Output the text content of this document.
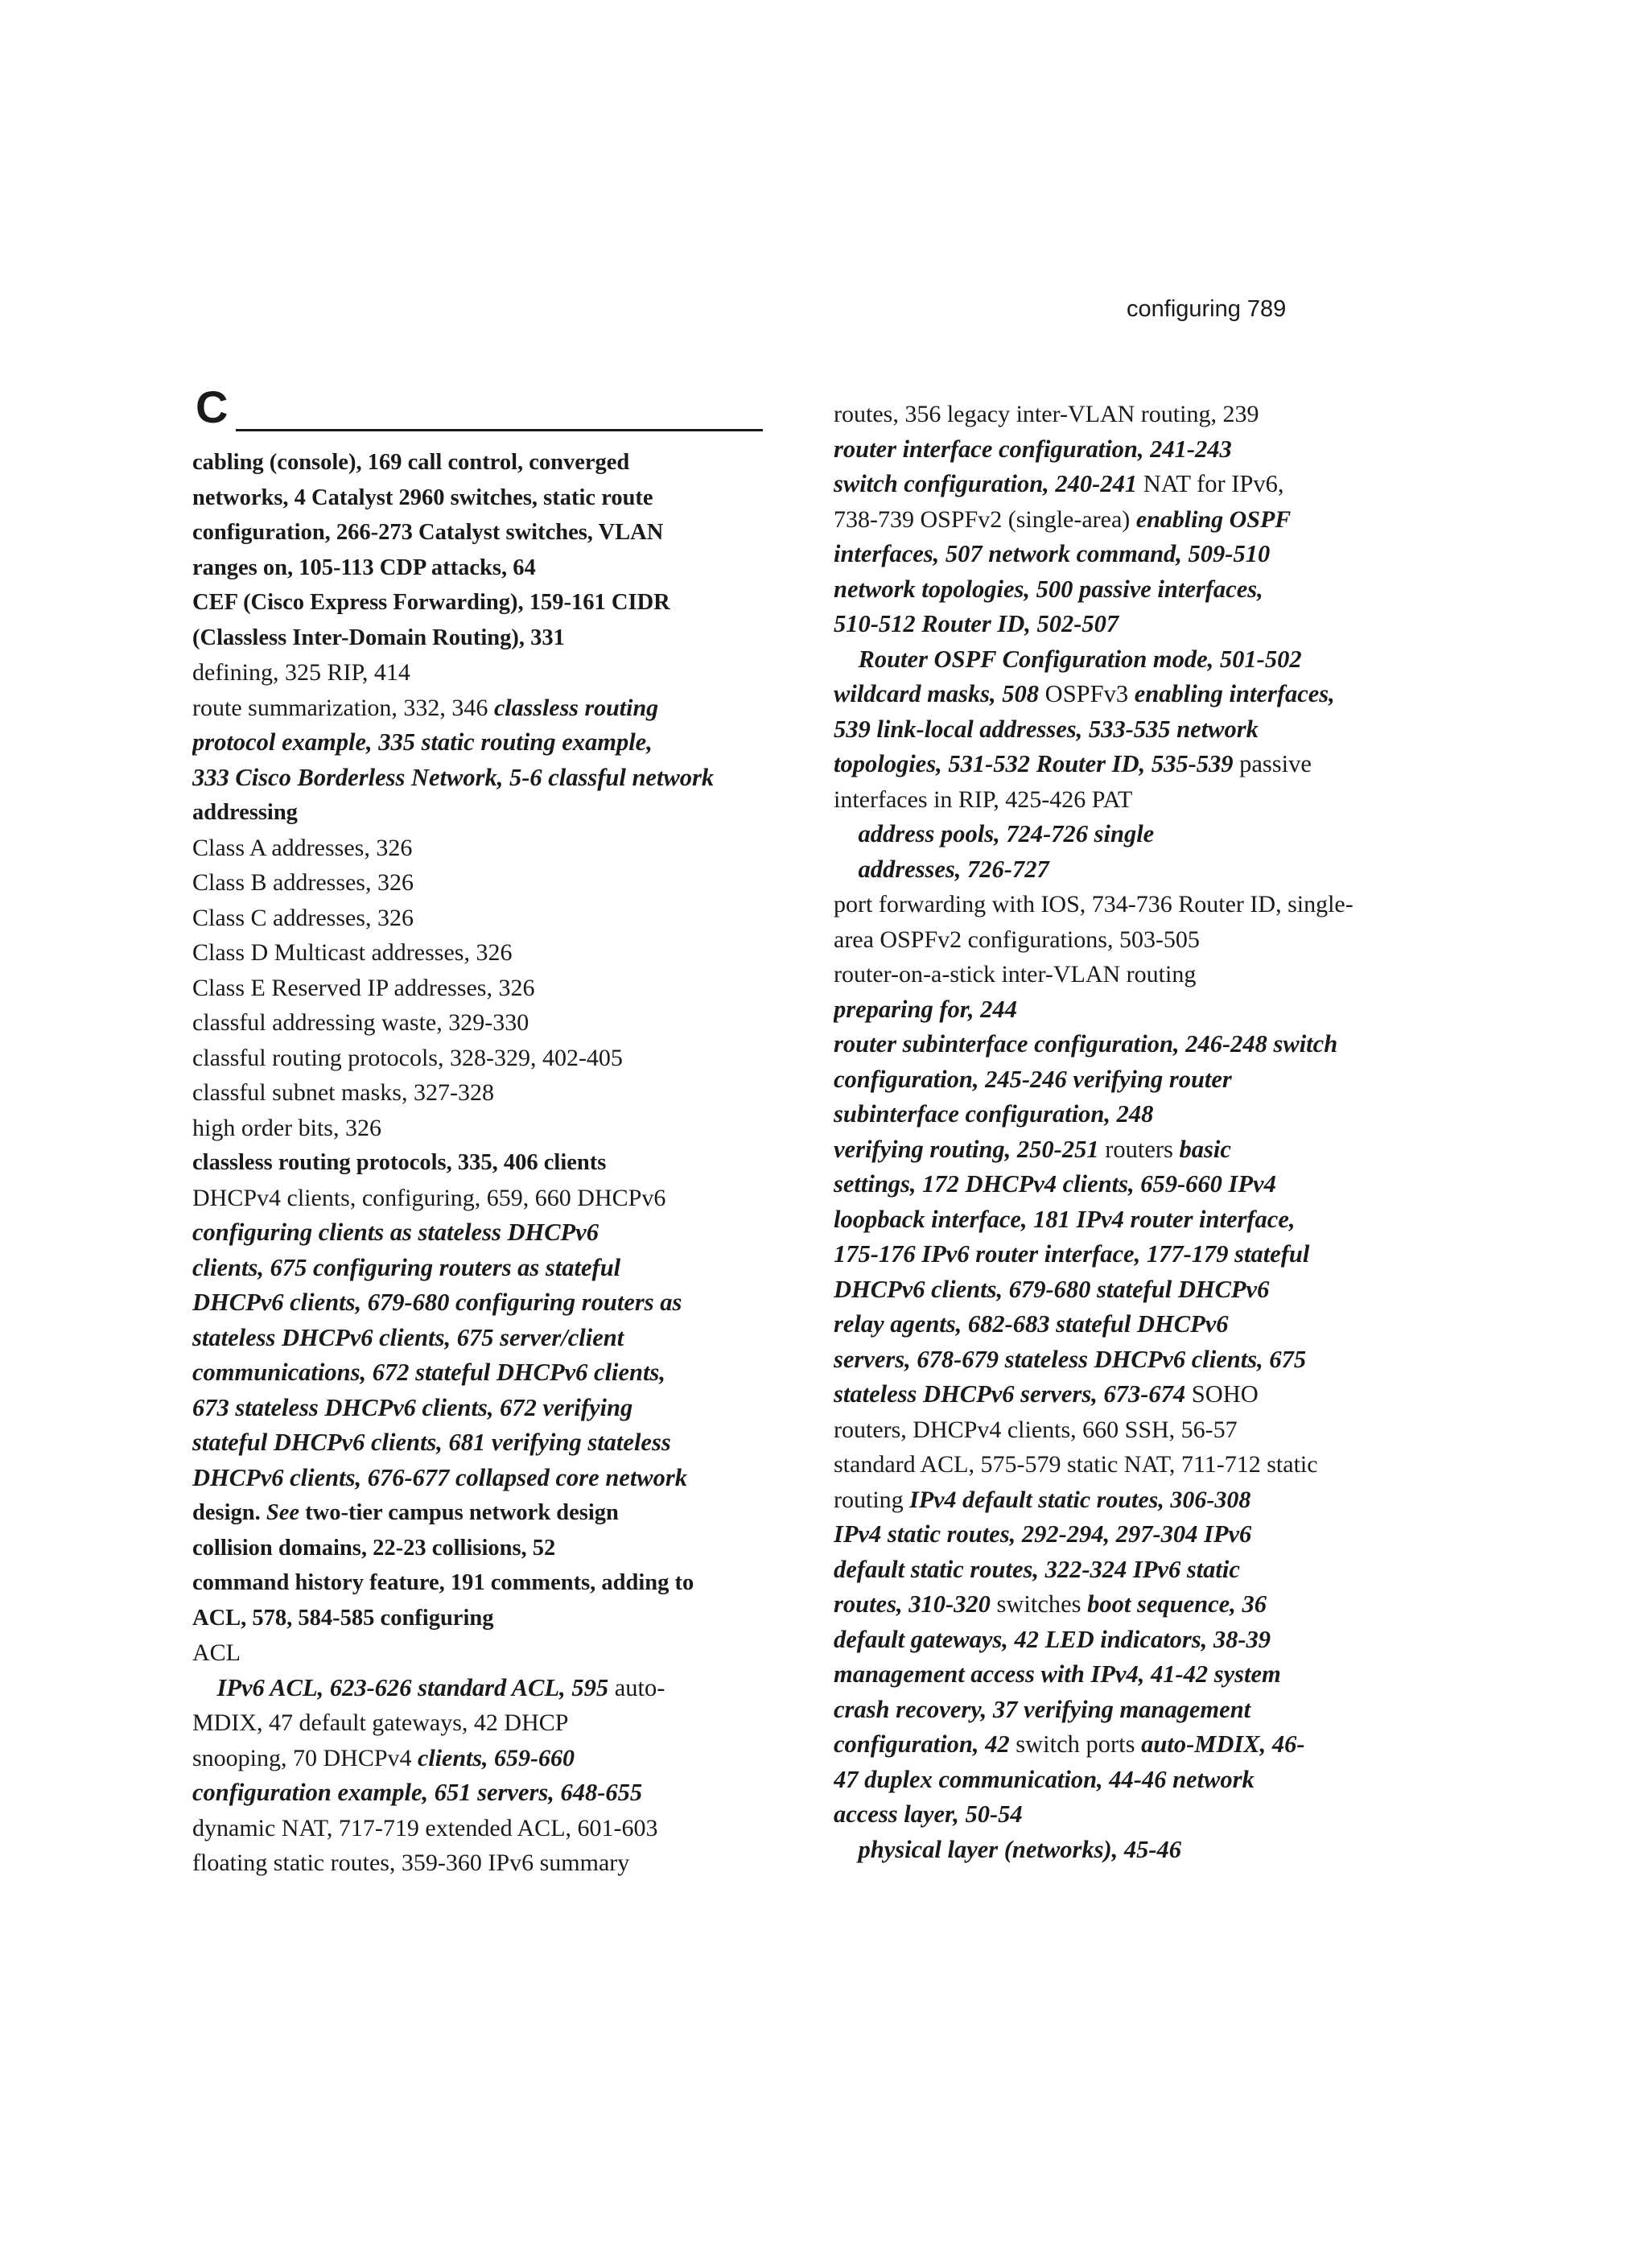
configuring 789
C
cabling (console), 169 call control, converged
networks, 4 Catalyst 2960 switches, static route
configuration, 266-273 Catalyst switches, VLAN
ranges on, 105-113 CDP attacks, 64
CEF (Cisco Express Forwarding), 159-161 CIDR
(Classless Inter-Domain Routing), 331
defining, 325 RIP, 414
route summarization, 332, 346 classless routing
protocol example, 335 static routing example,
333 Cisco Borderless Network, 5-6 classful network
addressing
Class A addresses, 326
Class B addresses, 326
Class C addresses, 326
Class D Multicast addresses, 326
Class E Reserved IP addresses, 326
classful addressing waste, 329-330
classful routing protocols, 328-329, 402-405
classful subnet masks, 327-328
high order bits, 326
classless routing protocols, 335, 406 clients
DHCPv4 clients, configuring, 659, 660 DHCPv6
configuring clients as stateless DHCPv6
clients, 675 configuring routers as stateful
DHCPv6 clients, 679-680 configuring routers as
stateless DHCPv6 clients, 675 server/client
communications, 672 stateful DHCPv6 clients,
673 stateless DHCPv6 clients, 672 verifying
stateful DHCPv6 clients, 681 verifying stateless
DHCPv6 clients, 676-677 collapsed core network
design. See two-tier campus network design
collision domains, 22-23 collisions, 52
command history feature, 191 comments, adding to
ACL, 578, 584-585 configuring
ACL
 IPv6 ACL, 623-626 standard ACL, 595 auto-
MDIX, 47 default gateways, 42 DHCP
snooping, 70 DHCPv4 clients, 659-660
configuration example, 651 servers, 648-655
dynamic NAT, 717-719 extended ACL, 601-603
floating static routes, 359-360 IPv6 summary
routes, 356 legacy inter-VLAN routing, 239
router interface configuration, 241-243
switch configuration, 240-241 NAT for IPv6,
738-739 OSPFv2 (single-area) enabling OSPF
interfaces, 507 network command, 509-510
network topologies, 500 passive interfaces,
510-512 Router ID, 502-507
 Router OSPF Configuration mode, 501-502
wildcard masks, 508 OSPFv3 enabling interfaces,
539 link-local addresses, 533-535 network
topologies, 531-532 Router ID, 535-539 passive
interfaces in RIP, 425-426 PAT
 address pools, 724-726 single
 addresses, 726-727
port forwarding with IOS, 734-736 Router ID, single-
area OSPFv2 configurations, 503-505
router-on-a-stick inter-VLAN routing
preparing for, 244
router subinterface configuration, 246-248 switch
configuration, 245-246 verifying router
subinterface configuration, 248
verifying routing, 250-251 routers basic
settings, 172 DHCPv4 clients, 659-660 IPv4
loopback interface, 181 IPv4 router interface,
175-176 IPv6 router interface, 177-179 stateful
DHCPv6 clients, 679-680 stateful DHCPv6
relay agents, 682-683 stateful DHCPv6
servers, 678-679 stateless DHCPv6 clients, 675
stateless DHCPv6 servers, 673-674 SOHO
routers, DHCPv4 clients, 660 SSH, 56-57
standard ACL, 575-579 static NAT, 711-712 static
routing IPv4 default static routes, 306-308
IPv4 static routes, 292-294, 297-304 IPv6
default static routes, 322-324 IPv6 static
routes, 310-320 switches boot sequence, 36
default gateways, 42 LED indicators, 38-39
management access with IPv4, 41-42 system
crash recovery, 37 verifying management
configuration, 42 switch ports auto-MDIX, 46-
47 duplex communication, 44-46 network
access layer, 50-54
 physical layer (networks), 45-46
